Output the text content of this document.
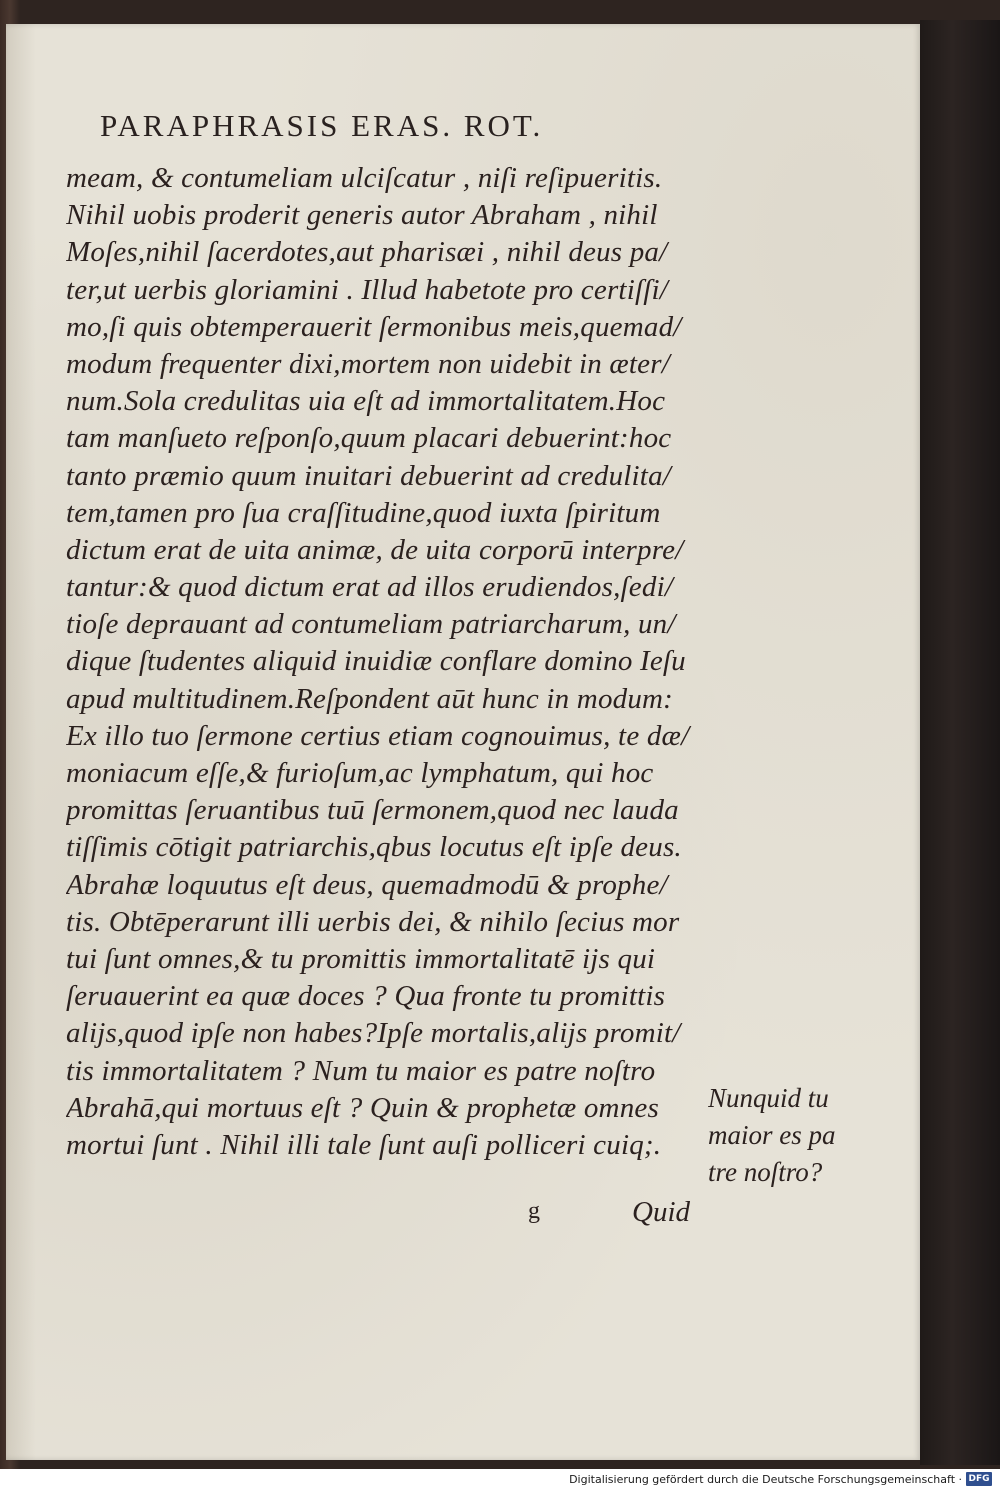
PARAPHRASIS ERAS. ROT.
meam, & contumeliam ulciſcatur , niſi reſipueritis.
Nihil uobis proderit generis autor Abraham , nihil
Moſes,nihil ſacerdotes,aut pharisæi , nihil deus pa/
ter,ut uerbis gloriamini . Illud habetote pro certiſſi/
mo,ſi quis obtemperauerit ſermonibus meis,quemad/
modum frequenter dixi,mortem non uidebit in æter/
num.Sola credulitas uia eſt ad immortalitatem.Hoc
tam manſueto reſponſo,quum placari debuerint:hoc
tanto præmio quum inuitari debuerint ad credulita/
tem,tamen pro ſua craſſitudine,quod iuxta ſpiritum
dictum erat de uita animæ, de uita corporū interpre/
tantur:& quod dictum erat ad illos erudiendos,ſedi/
tioſe deprauant ad contumeliam patriarcharum, un/
dique ſtudentes aliquid inuidiæ conflare domino Ieſu
apud multitudinem.Reſpondent aūt hunc in modum:
Ex illo tuo ſermone certius etiam cognouimus, te dæ/
moniacum eſſe,& furioſum,ac lymphatum, qui hoc
promittas ſeruantibus tuū ſermonem,quod nec lauda
tiſſimis cōtigit patriarchis,qbus locutus eſt ipſe deus.
Abrahæ loquutus eſt deus, quemadmodū & prophe/
tis. Obtēperarunt illi uerbis dei, & nihilo ſecius mor
tui ſunt omnes,& tu promittis immortalitatē ijs qui
ſeruauerint ea quæ doces ? Qua fronte tu promittis
alijs,quod ipſe non habes?Ipſe mortalis,alijs promit/
tis immortalitatem ? Num tu maior es patre noſtro
Abrahā,qui mortuus eſt ? Quin & prophetæ omnes
mortui ſunt . Nihil illi tale ſunt auſi polliceri cuiq;.
Nunquid tu
maior es pa
tre noſtro?
g	Quid
Digitalisierung gefördert durch die Deutsche Forschungsgemeinschaft · DFG
